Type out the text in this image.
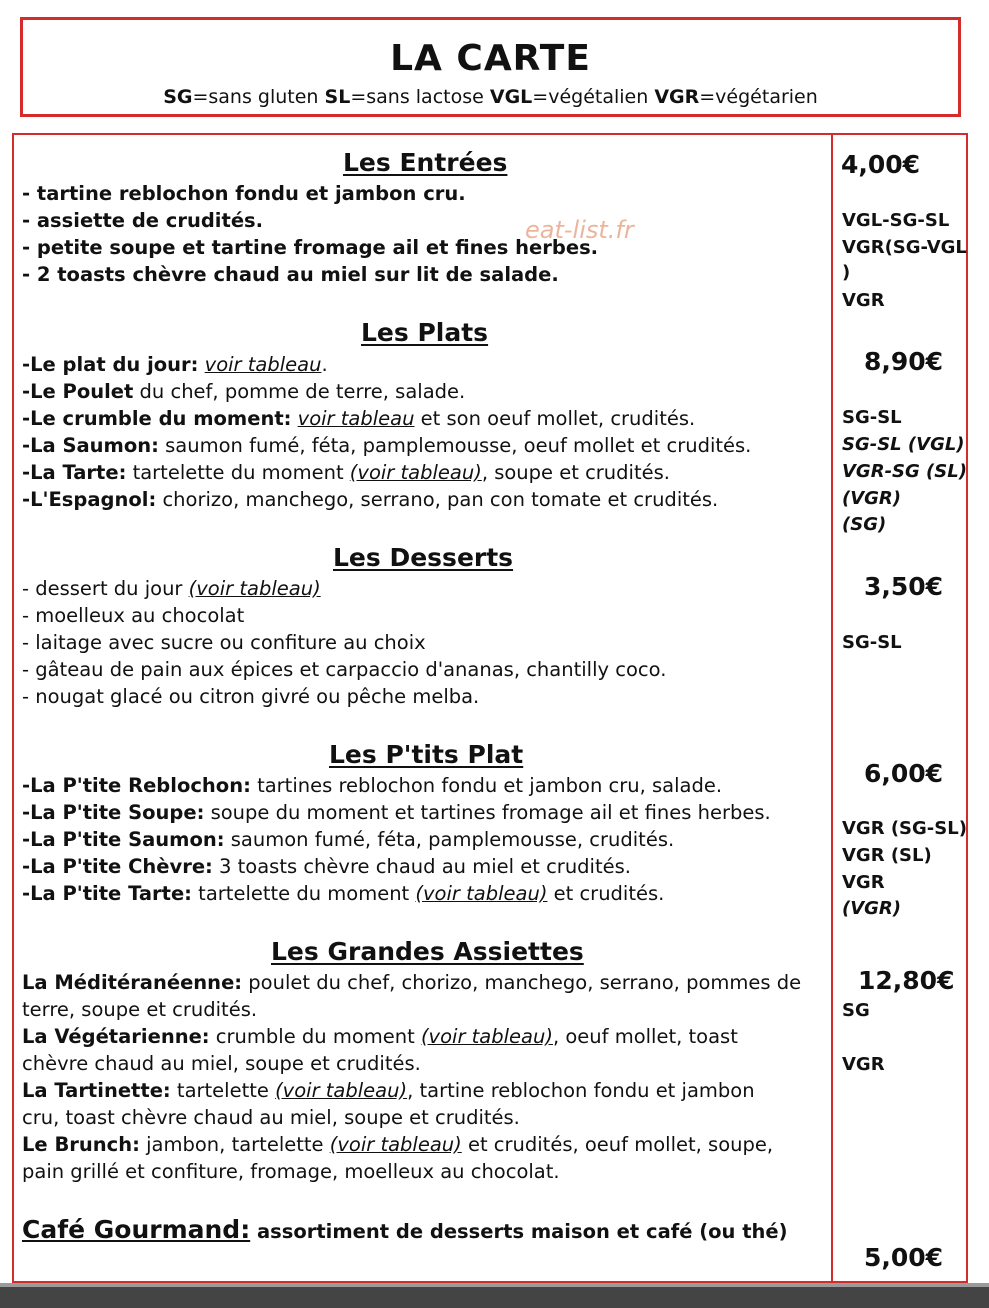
LA CARTE
SG=sans gluten SL=sans lactose VGL=végétalien VGR=végétarien
eat-list.fr
Les Entrées	4,00€
- tartine reblochon fondu et jambon cru.
- assiette de crudités.
- petite soupe et tartine fromage ail et fines herbes.
- 2 toasts chèvre chaud au miel sur lit de salade.
VGL-SG-SL
VGR(SG-VGL
)
VGR
Les Plats
8,90€
-Le plat du jour: voir tableau.
-Le Poulet du chef, pomme de terre, salade.
-Le crumble du moment: voir tableau et son oeuf mollet, crudités.
-La Saumon: saumon fumé, féta, pamplemousse, oeuf mollet et crudités.
-La Tarte: tartelette du moment (voir tableau), soupe et crudités.
-L'Espagnol: chorizo, manchego, serrano, pan con tomate et crudités.
SG-SL
SG-SL (VGL)
VGR-SG (SL)
(VGR)
(SG)
Les Desserts
3,50€
- dessert du jour (voir tableau)
- moelleux au chocolat
- laitage avec sucre ou confiture au choix
- gâteau de pain aux épices et carpaccio d'ananas, chantilly coco.
- nougat glacé ou citron givré ou pêche melba.
SG-SL
Les P'tits Plat
6,00€
-La P'tite Reblochon: tartines reblochon fondu et jambon cru, salade.
-La P'tite Soupe: soupe du moment et tartines fromage ail et fines herbes.
-La P'tite Saumon: saumon fumé, féta, pamplemousse, crudités.
-La P'tite Chèvre: 3 toasts chèvre chaud au miel et crudités.
-La P'tite Tarte: tartelette du moment (voir tableau) et crudités.
VGR (SG-SL)
VGR (SL)
VGR
(VGR)
Les Grandes Assiettes
12,80€
La Méditéranéenne: poulet du chef, chorizo, manchego, serrano, pommes de
terre, soupe et crudités.
La Végétarienne: crumble du moment (voir tableau), oeuf mollet, toast
chèvre chaud au miel, soupe et crudités.
La Tartinette: tartelette (voir tableau), tartine reblochon fondu et jambon
cru, toast chèvre chaud au miel, soupe et crudités.
Le Brunch: jambon, tartelette (voir tableau) et crudités, oeuf mollet, soupe,
pain grillé et confiture, fromage, moelleux au chocolat.
SG
VGR
Café Gourmand: assortiment de desserts maison et café (ou thé)
5,00€
